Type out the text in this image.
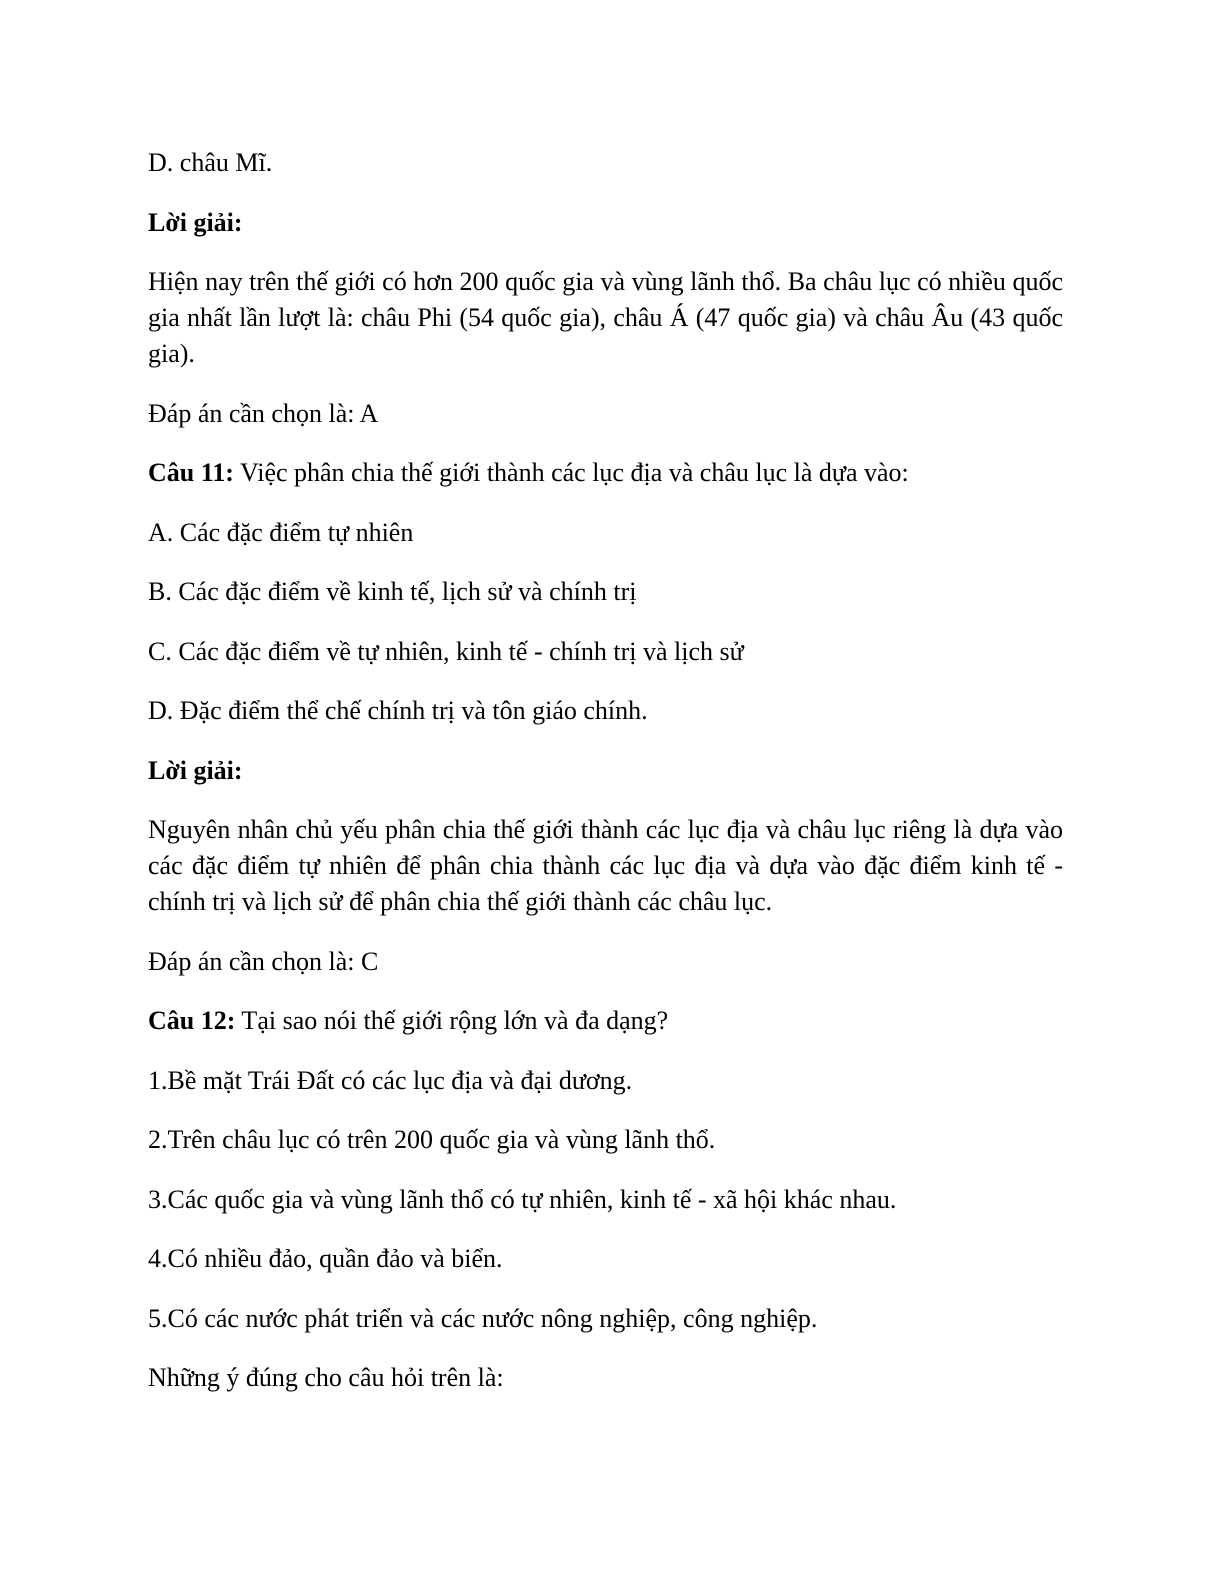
D. châu Mĩ.

Lời giải:

Hiện nay trên thế giới có hơn 200 quốc gia và vùng lãnh thổ. Ba châu lục có nhiều quốc gia nhất lần lượt là: châu Phi (54 quốc gia), châu Á (47 quốc gia) và châu Âu (43 quốc gia).

Đáp án cần chọn là: A

Câu 11: Việc phân chia thế giới thành các lục địa và châu lục là dựa vào:

A. Các đặc điểm tự nhiên

B. Các đặc điểm về kinh tế, lịch sử và chính trị

C. Các đặc điểm về tự nhiên, kinh tế - chính trị và lịch sử

D. Đặc điểm thể chế chính trị và tôn giáo chính.

Lời giải:

Nguyên nhân chủ yếu phân chia thế giới thành các lục địa và châu lục riêng là dựa vào các đặc điểm tự nhiên để phân chia thành các lục địa và dựa vào đặc điểm kinh tế - chính trị và lịch sử để phân chia thế giới thành các châu lục.

Đáp án cần chọn là: C

Câu 12: Tại sao nói thế giới rộng lớn và đa dạng?

1.Bề mặt Trái Đất có các lục địa và đại dương.

2.Trên châu lục có trên 200 quốc gia và vùng lãnh thổ.

3.Các quốc gia và vùng lãnh thổ có tự nhiên, kinh tế - xã hội khác nhau.

4.Có nhiều đảo, quần đảo và biển.

5.Có các nước phát triển và các nước nông nghiệp, công nghiệp.

Những ý đúng cho câu hỏi trên là:
